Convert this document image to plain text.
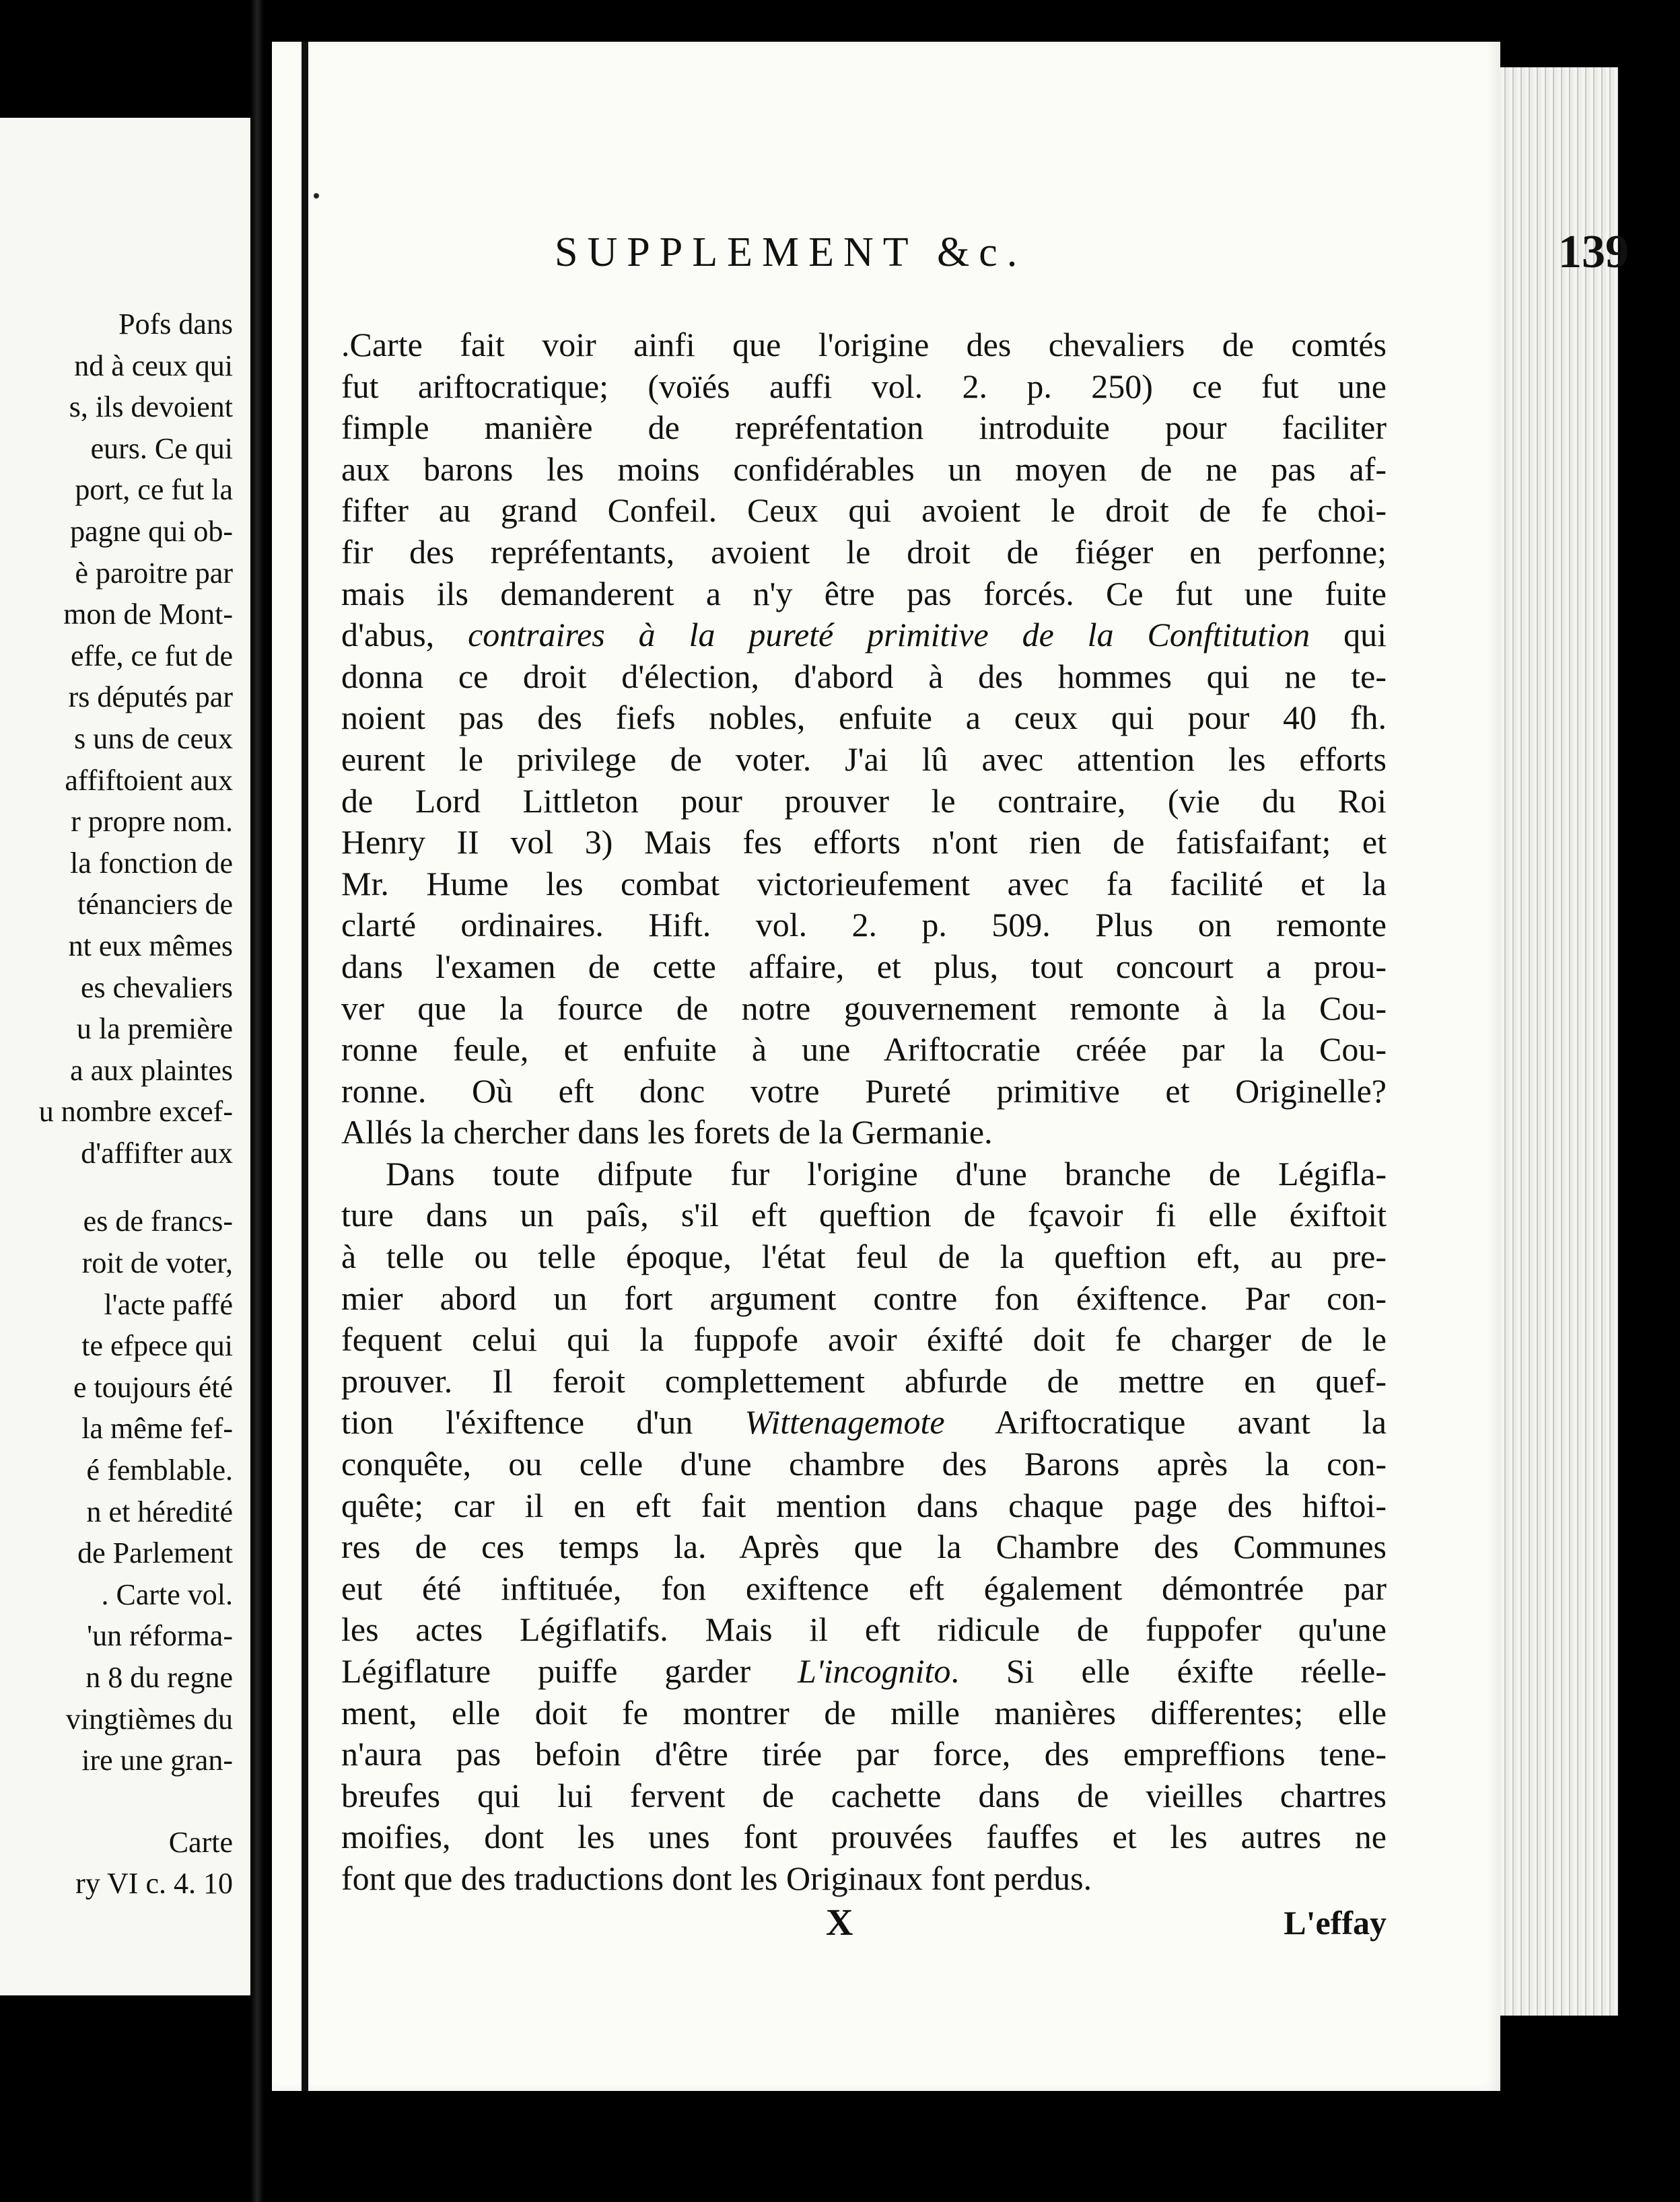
Pofs dans
nd à ceux qui
s, ils devoient
eurs. Ce qui
port, ce fut la
pagne qui ob-
è paroitre par
mon de Mont-
effe, ce fut de
rs députés par
s uns de ceux
affiftoient aux
r propre nom.
la fonction de
ténanciers de
nt eux mêmes
es chevaliers
u la première
a aux plaintes
u nombre excef-
d'affifter aux
es de francs-
roit de voter,
l'acte paffé
te efpece qui
e toujours été
la même fef-
é femblable.
n et héredité
de Parlement
. Carte vol.
'un réforma-
n 8 du regne
vingtièmes du
ire une gran-
Carte
ry VI c. 4. 10
SUPPLEMENT &c.	139
.Carte fait voir ainfi que l'origine des chevaliers de comtés
fut ariftocratique; (voïés auffi vol. 2. p. 250) ce fut une
fimple manière de repréfentation introduite pour faciliter
aux barons les moins confidérables un moyen de ne pas af-
fifter au grand Confeil. Ceux qui avoient le droit de fe choi-
fir des repréfentants, avoient le droit de fiéger en perfonne;
mais ils demanderent a n'y être pas forcés. Ce fut une fuite
d'abus, contraires à la pureté primitive de la Conftitution qui
donna ce droit d'élection, d'abord à des hommes qui ne te-
noient pas des fiefs nobles, enfuite a ceux qui pour 40 fh.
eurent le privilege de voter. J'ai lû avec attention les efforts
de Lord Littleton pour prouver le contraire, (vie du Roi
Henry II vol 3) Mais fes efforts n'ont rien de fatisfaifant; et
Mr. Hume les combat victorieufement avec fa facilité et la
clarté ordinaires. Hift. vol. 2. p. 509. Plus on remonte
dans l'examen de cette affaire, et plus, tout concourt a prou-
ver que la fource de notre gouvernement remonte à la Cou-
ronne feule, et enfuite à une Ariftocratie créée par la Cou-
ronne. Où eft donc votre Pureté primitive et Originelle?
Allés la chercher dans les forets de la Germanie.
Dans toute difpute fur l'origine d'une branche de Légifla-
ture dans un paîs, s'il eft queftion de fçavoir fi elle éxiftoit
à telle ou telle époque, l'état feul de la queftion eft, au pre-
mier abord un fort argument contre fon éxiftence. Par con-
fequent celui qui la fuppofe avoir éxifté doit fe charger de le
prouver. Il feroit complettement abfurde de mettre en quef-
tion l'éxiftence d'un Wittenagemote Ariftocratique avant la
conquête, ou celle d'une chambre des Barons après la con-
quête; car il en eft fait mention dans chaque page des hiftoi-
res de ces temps la. Après que la Chambre des Communes
eut été inftituée, fon exiftence eft également démontrée par
les actes Légiflatifs. Mais il eft ridicule de fuppofer qu'une
Légiflature puiffe garder L'incognito. Si elle éxifte réelle-
ment, elle doit fe montrer de mille manières differentes; elle
n'aura pas befoin d'être tirée par force, des empreffions tene-
breufes qui lui fervent de cachette dans de vieilles chartres
moifies, dont les unes font prouvées fauffes et les autres ne
font que des traductions dont les Originaux font perdus.
X	L'effay
